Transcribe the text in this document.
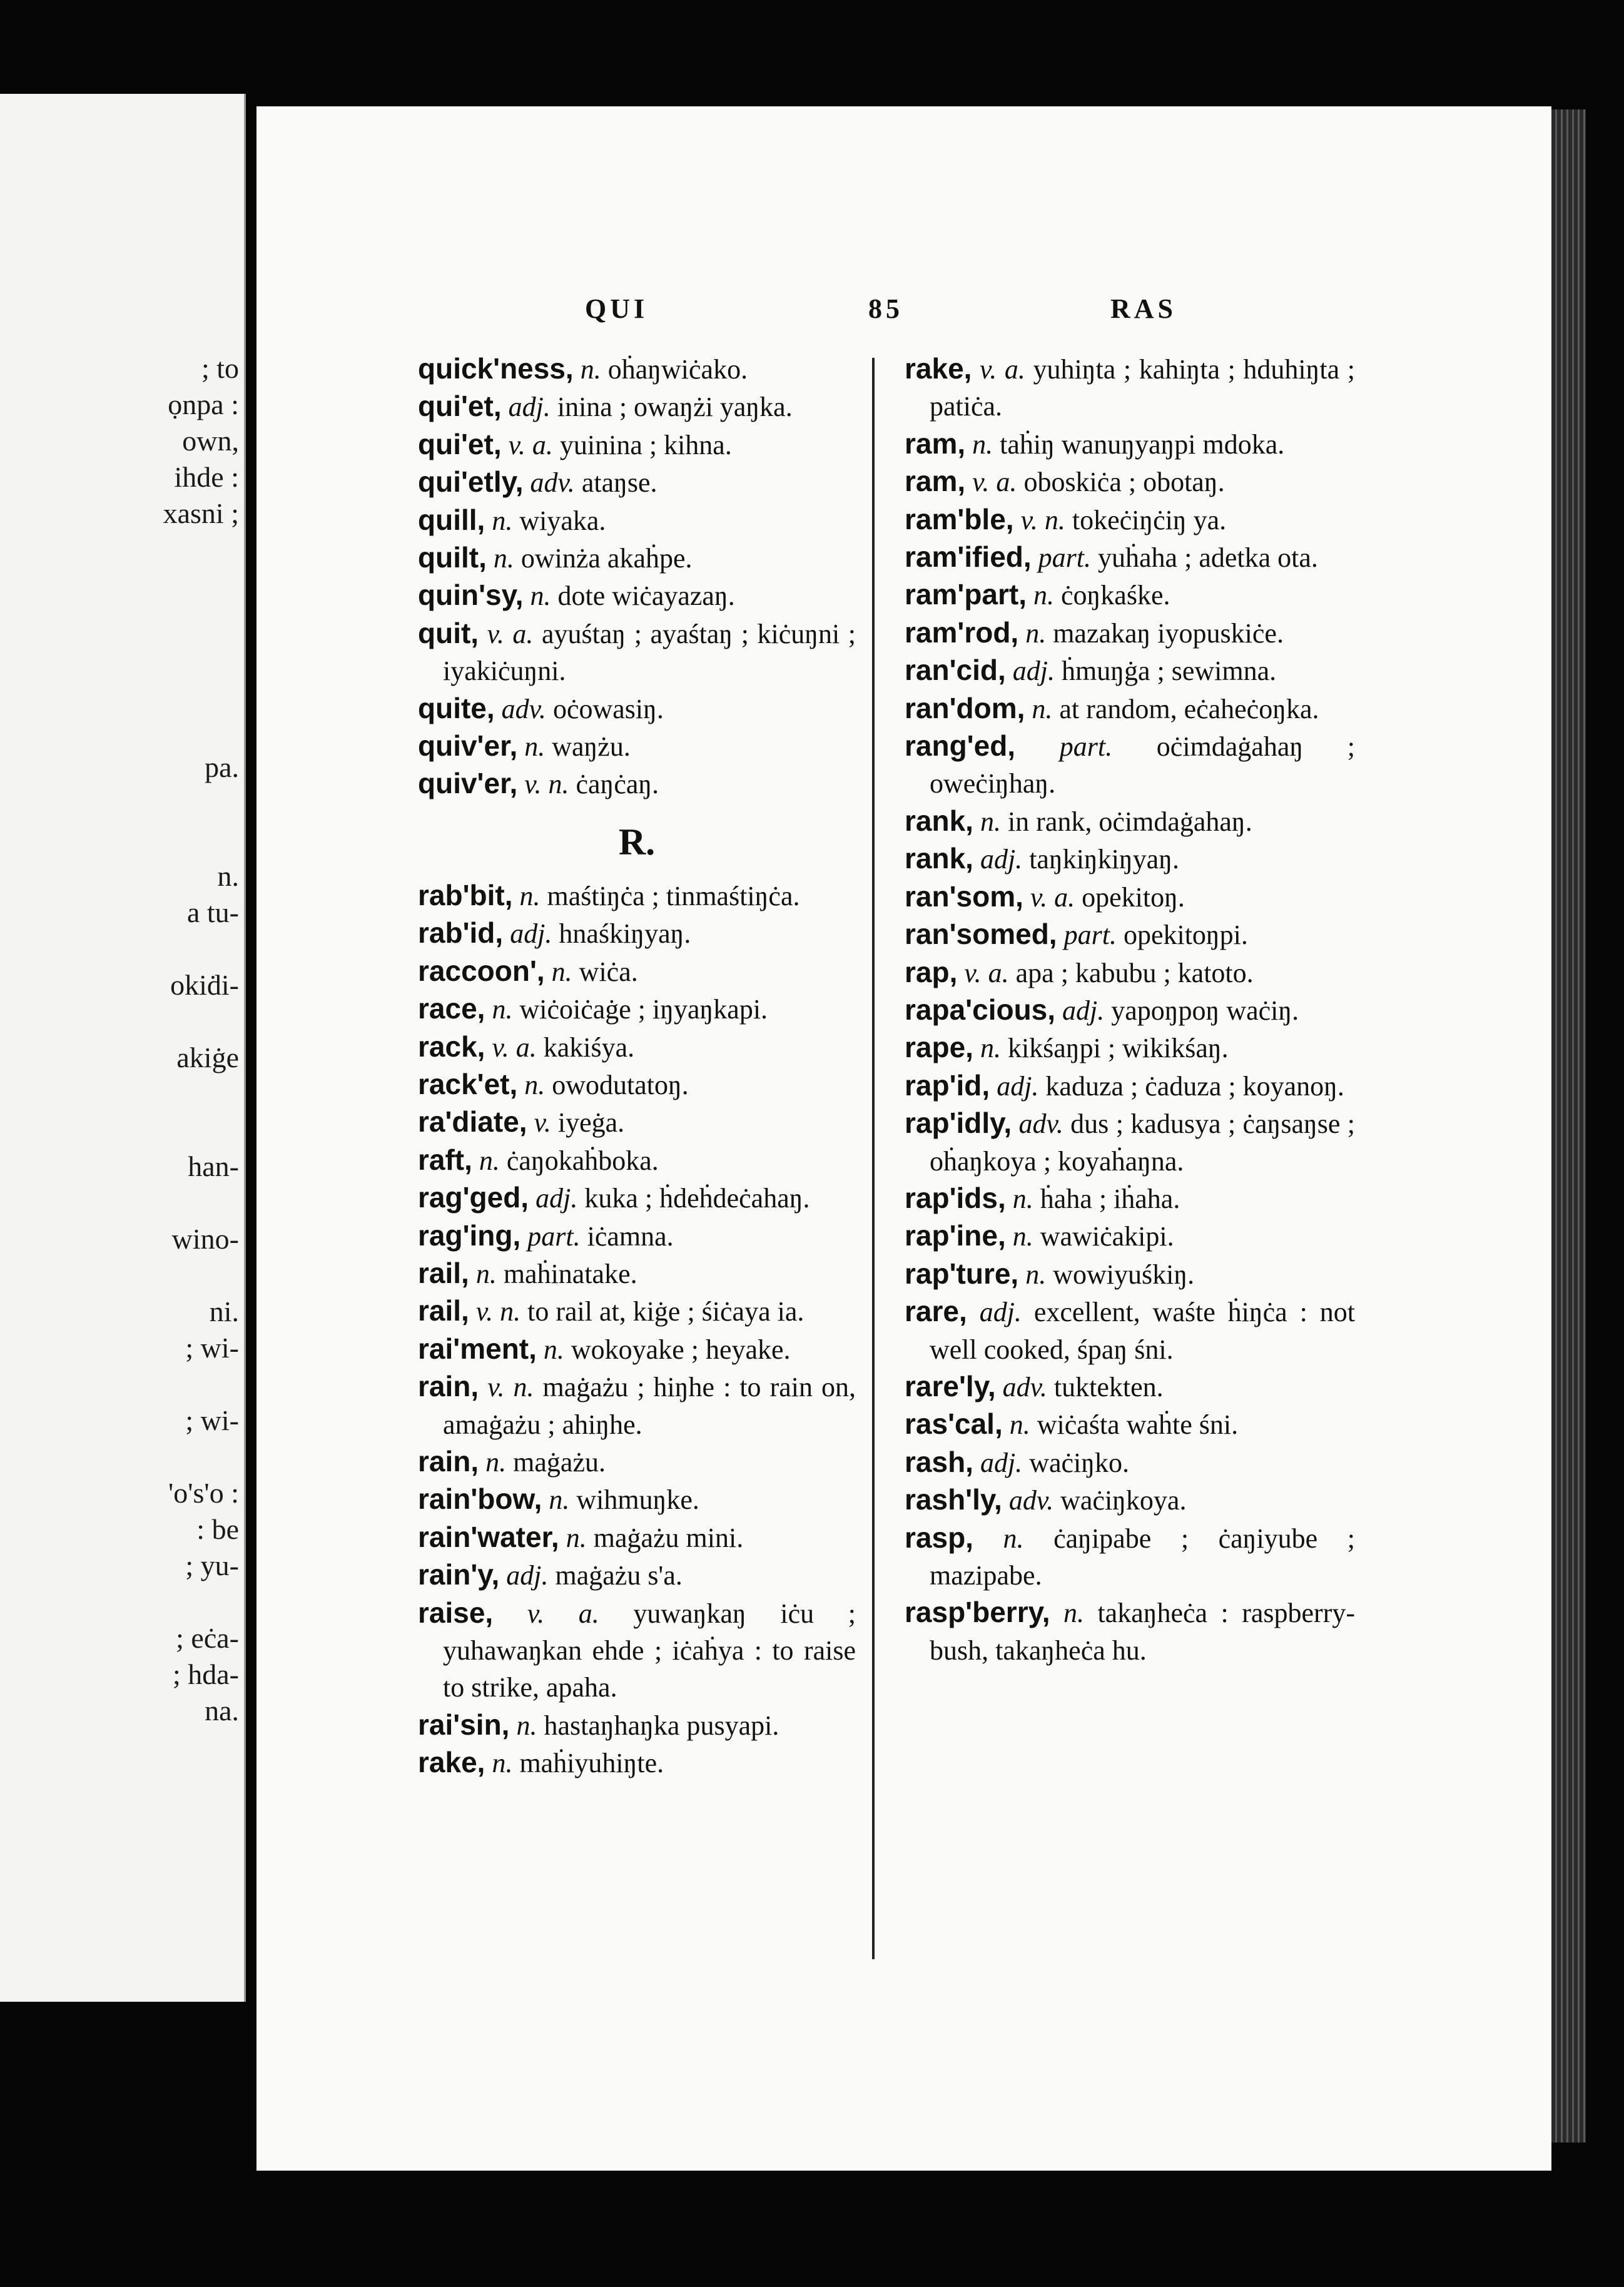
; to
ọnpa :
own,
ihde :
xasni ;
pa.
n.
a tu-
okiḋi-
akiġe
han-
wino-
ni.
; wi-
; wi-
'o's'o :
: be
; yu-
; eċa-
; hda-
na.
QUI	85	RAS
quick'ness, n. oḣaŋwiċako.
qui'et, adj. inina ; owaŋżi yaŋka.
qui'et, v. a. yuinina ; kihna.
qui'etly, adv. ataŋse.
quill, n. wiyaka.
quilt, n. owinża akaḣpe.
quin'sy, n. dote wiċayazaŋ.
quit, v. a. ayuśtaŋ ; ayaśtaŋ ; kiċuŋni ; iyakiċuŋni.
quite, adv. oċowasiŋ.
quiv'er, n. waŋżu.
quiv'er, v. n. ċaŋċaŋ.
R.
rab'bit, n. maśtiŋċa ; tinmaśtiŋċa.
rab'id, adj. hnaśkiŋyaŋ.
raccoon', n. wiċa.
race, n. wiċoiċaġe ; iŋyaŋkapi.
rack, v. a. kakiśya.
rack'et, n. owodutatoŋ.
ra'diate, v. iyeġa.
raft, n. ċaŋokaḣboka.
rag'ged, adj. kuka ; ḣdeḣdeċahaŋ.
rag'ing, part. iċamna.
rail, n. maḣinatake.
rail, v. n. to rail at, kiġe ; śiċaya ia.
rai'ment, n. wokoyake ; heyake.
rain, v. n. maġażu ; hiŋhe : to rain on, amaġażu ; ahiŋhe.
rain, n. maġażu.
rain'bow, n. wihmuŋke.
rain'water, n. maġażu mini.
rain'y, adj. maġażu s'a.
raise, v. a. yuwaŋkaŋ iċu ; yuhawaŋkan ehde ; iċaḣya : to raise to strike, apaha.
rai'sin, n. hastaŋhaŋka pusyapi.
rake, n. maḣiyuhiŋte.
rake, v. a. yuhiŋta ; kahiŋta ; hduhiŋta ; patiċa.
ram, n. taḣiŋ wanuŋyaŋpi mdoka.
ram, v. a. oboskiċa ; obotaŋ.
ram'ble, v. n. tokeċiŋċiŋ ya.
ram'ified, part. yuḣaha ; adetka ota.
ram'part, n. ċoŋkaśke.
ram'rod, n. mazakaŋ iyopuskiċe.
ran'cid, adj. ḣmuŋġa ; sewimna.
ran'dom, n. at random, eċaheċoŋka.
rang'ed, part. oċimdaġahaŋ ; oweċiŋhaŋ.
rank, n. in rank, oċimdaġahaŋ.
rank, adj. taŋkiŋkiŋyaŋ.
ran'som, v. a. opekitoŋ.
ran'somed, part. opekitoŋpi.
rap, v. a. apa ; kabubu ; katoto.
rapa'cious, adj. yapoŋpoŋ waċiŋ.
rape, n. kikśaŋpi ; wikikśaŋ.
rap'id, adj. kaduza ; ċaduza ; koyanoŋ.
rap'idly, adv. dus ; kadusya ; ċaŋsaŋse ; oḣaŋkoya ; koyaḣaŋna.
rap'ids, n. ḣaha ; iḣaha.
rap'ine, n. wawiċakipi.
rap'ture, n. wowiyuśkiŋ.
rare, adj. excellent, waśte ḣiŋċa : not well cooked, śpaŋ śni.
rare'ly, adv. tuktekten.
ras'cal, n. wiċaśta waḣte śni.
rash, adj. waċiŋko.
rash'ly, adv. waċiŋkoya.
rasp, n. ċaŋipabe ; ċaŋiyube ; mazipabe.
rasp'berry, n. takaŋheċa : raspberry-bush, takaŋheċa hu.
